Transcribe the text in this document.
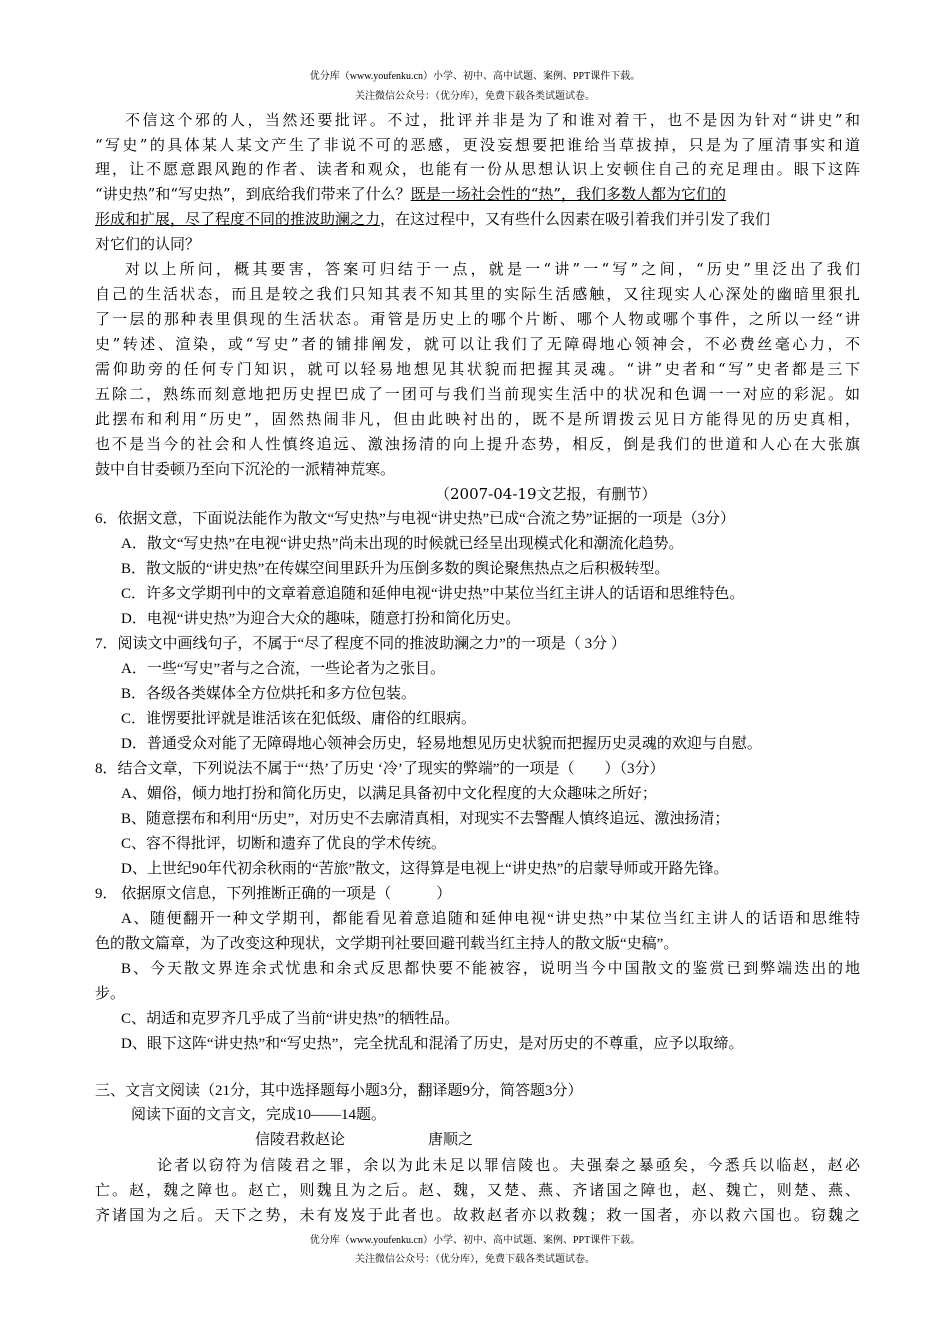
优分库（www.youfenku.cn）小学、初中、高中试题、案例、PPT课件下载。
关注微信公众号：（优分库），免费下载各类试题试卷。
不信这个邪的人，当然还要批评。不过，批评并非是为了和谁对着干，也不是因为针对“讲史”和
“写史”的具体某人某文产生了非说不可的恶感，更没妄想要把谁给当草拔掉，只是为了厘清事实和道
理，让不愿意跟风跑的作者、读者和观众，也能有一份从思想认识上安顿住自己的充足理由。眼下这阵
“讲史热”和“写史热”，到底给我们带来了什么？既是一场社会性的“热”，我们多数人都为它们的
形成和扩展，尽了程度不同的推波助澜之力，在这过程中，又有些什么因素在吸引着我们并引发了我们
对它们的认同？
对以上所问，概其要害，答案可归结于一点，就是一“讲”一“写”之间，“历史”里泛出了我们
自己的生活状态，而且是较之我们只知其表不知其里的实际生活感触，又往现实人心深处的幽暗里狠扎
了一层的那种表里俱现的生活状态。甭管是历史上的哪个片断、哪个人物或哪个事件，之所以一经“讲
史”转述、渲染，或“写史”者的铺排阐发，就可以让我们了无障碍地心领神会，不必费丝毫心力，不
需仰助旁的任何专门知识，就可以轻易地想见其状貌而把握其灵魂。“讲”史者和“写”史者都是三下
五除二，熟练而刻意地把历史捏巴成了一团可与我们当前现实生活中的状况和色调一一对应的彩泥。如
此摆布和利用“历史”，固然热闹非凡，但由此映衬出的，既不是所谓拨云见日方能得见的历史真相，
也不是当今的社会和人性慎终追远、激浊扬清的向上提升态势，相反，倒是我们的世道和人心在大张旗
鼓中自甘委顿乃至向下沉沦的一派精神荒寒。
（2007-04-19文艺报，有删节）
6．依据文意，下面说法能作为散文“写史热”与电视“讲史热”已成“合流之势”证据的一项是（3分）
A．散文“写史热”在电视“讲史热”尚未出现的时候就已经呈出现模式化和潮流化趋势。
B．散文版的“讲史热”在传媒空间里跃升为压倒多数的舆论聚焦热点之后积极转型。
C．许多文学期刊中的文章着意追随和延伸电视“讲史热”中某位当红主讲人的话语和思维特色。
D．电视“讲史热”为迎合大众的趣味，随意打扮和简化历史。
7．阅读文中画线句子，不属于“尽了程度不同的推波助澜之力”的一项是（ 3分 ）
A．一些“写史”者与之合流，一些论者为之张目。
B．各级各类媒体全方位烘托和多方位包装。
C．谁愣要批评就是谁活该在犯低级、庸俗的红眼病。
D．普通受众对能了无障碍地心领神会历史，轻易地想见历史状貌而把握历史灵魂的欢迎与自慰。
8．结合文章，下列说法不属于“‘热’了历史 ‘冷’了现实的弊端”的一项是（　　）（3分）
A、媚俗，倾力地打扮和简化历史，以满足具备初中文化程度的大众趣味之所好；
B、随意摆布和利用“历史”，对历史不去廓清真相，对现实不去警醒人慎终追远、激浊扬清；
C、容不得批评，切断和遗弃了优良的学术传统。
D、上世纪90年代初余秋雨的“苦旅”散文，这得算是电视上“讲史热”的启蒙导师或开路先锋。
9． 依据原文信息，下列推断正确的一项是（　　　）
A、随便翻开一种文学期刊，都能看见着意追随和延伸电视“讲史热”中某位当红主讲人的话语和思维特
色的散文篇章，为了改变这种现状，文学期刊社要回避刊载当红主持人的散文版“史稿”。
B、今天散文界连余式忧患和余式反思都快要不能被容，说明当今中国散文的鉴赏已到弊端迭出的地
步。
C、胡适和克罗齐几乎成了当前“讲史热”的牺牲品。
D、眼下这阵“讲史热”和“写史热”，完全扰乱和混淆了历史，是对历史的不尊重，应予以取缔。
三、文言文阅读（21分，其中选择题每小题3分，翻译题9分，简答题3分）
阅读下面的文言文，完成10——14题。
信陵君救赵论	唐顺之
论者以窃符为信陵君之罪，余以为此未足以罪信陵也。夫强秦之暴亟矣，今悉兵以临赵，赵必
亡。赵，魏之障也。赵亡，则魏且为之后。赵、魏，又楚、燕、齐诸国之障也，赵、魏亡，则楚、燕、
齐诸国为之后。天下之势，未有岌岌于此者也。故救赵者亦以救魏；救一国者，亦以救六国也。窃魏之
优分库（www.youfenku.cn）小学、初中、高中试题、案例、PPT课件下载。
关注微信公众号：（优分库），免费下载各类试题试卷。
